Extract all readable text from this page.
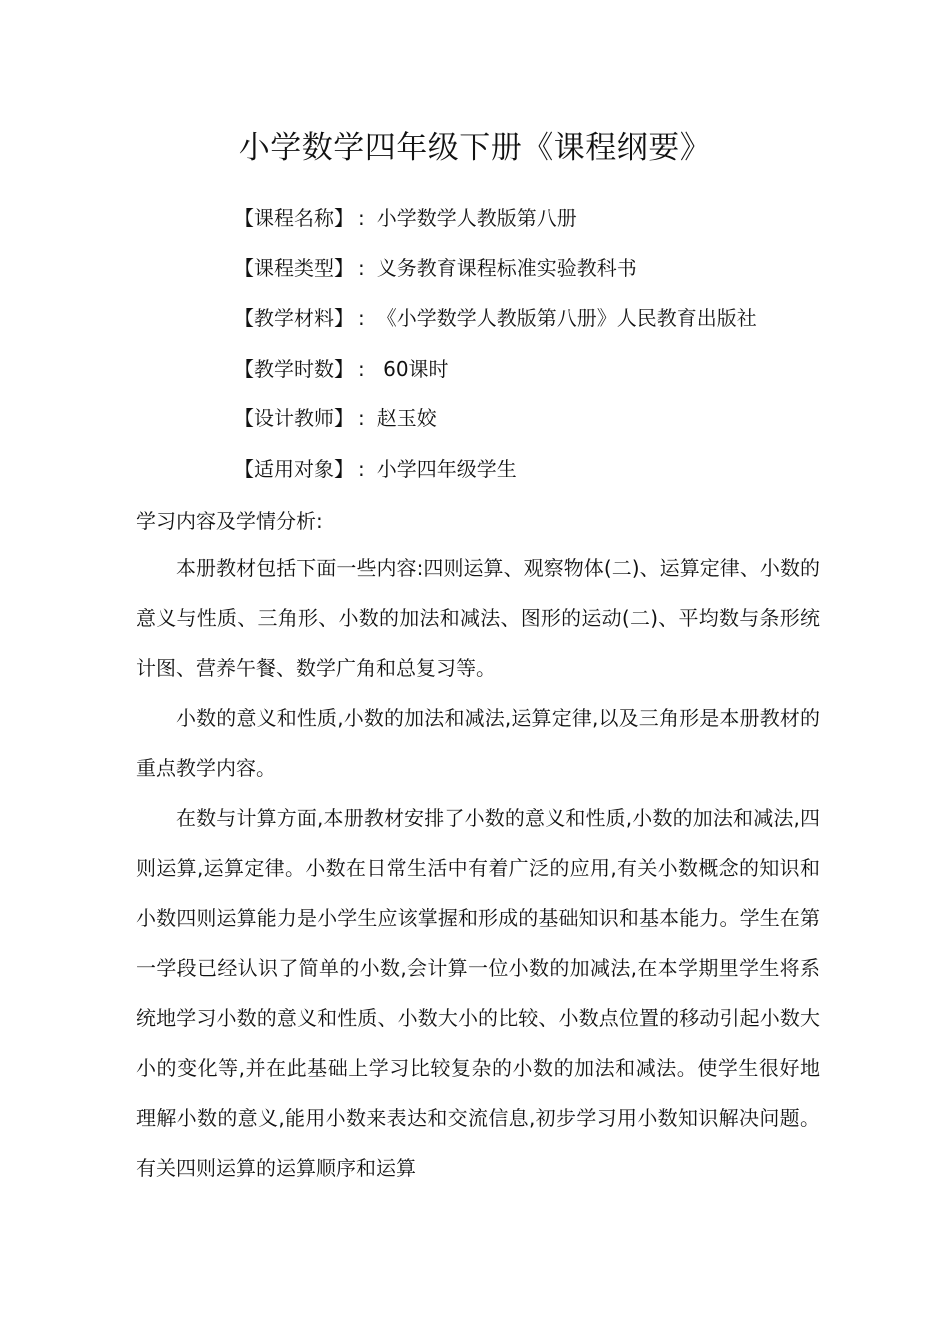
小学数学四年级下册《课程纲要》
【课程名称】 : 小学数学人教版第八册
【课程类型】 : 义务教育课程标准实验教科书
【教学材料】 : 《小学数学人教版第八册》人民教育出版社
【教学时数】 : 60课时
【设计教师】 : 赵玉姣
【适用对象】 : 小学四年级学生
学习内容及学情分析:

本册教材包括下面一些内容:四则运算、观察物体(二)、运算定律、小数的意义与性质、三角形、小数的加法和减法、图形的运动(二)、平均数与条形统计图、营养午餐、数学广角和总复习等。

小数的意义和性质,小数的加法和减法,运算定律,以及三角形是本册教材的重点教学内容。

在数与计算方面,本册教材安排了小数的意义和性质,小数的加法和减法,四则运算,运算定律。小数在日常生活中有着广泛的应用,有关小数概念的知识和小数四则运算能力是小学生应该掌握和形成的基础知识和基本能力。学生在第一学段已经认识了简单的小数,会计算一位小数的加减法,在本学期里学生将系统地学习小数的意义和性质、小数大小的比较、小数点位置的移动引起小数大小的变化等,并在此基础上学习比较复杂的小数的加法和减法。使学生很好地理解小数的意义,能用小数来表达和交流信息,初步学习用小数知识解决问题。有关四则运算的运算顺序和运算
